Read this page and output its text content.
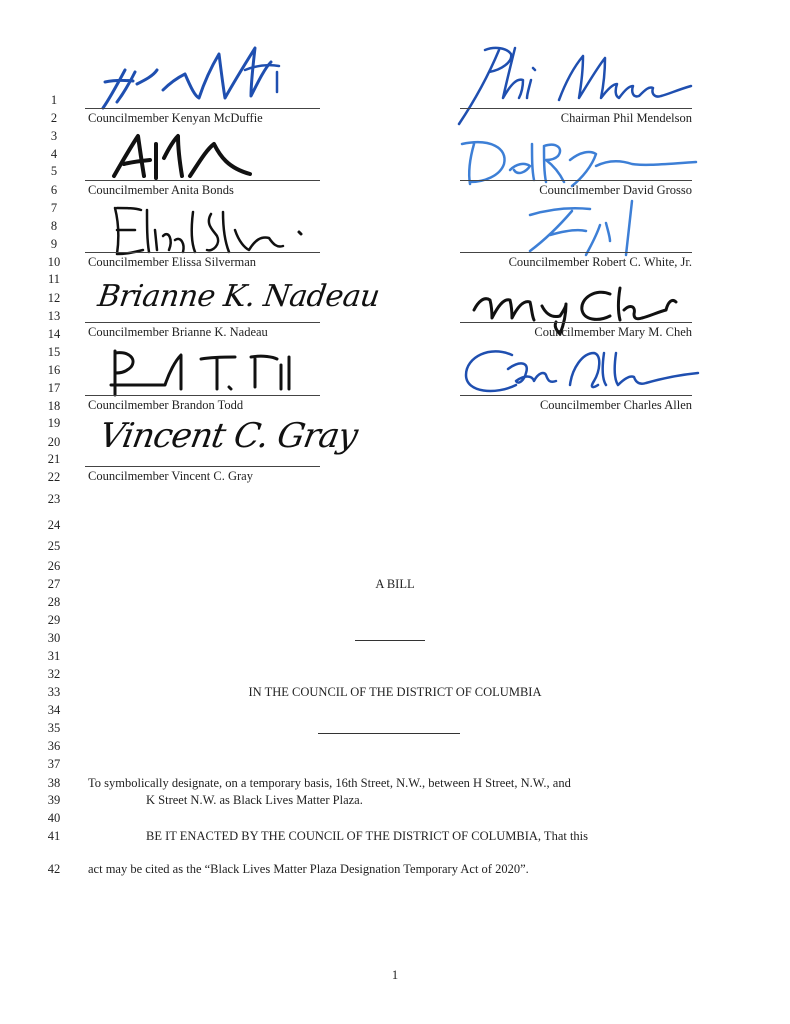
1
2
3
4
5
6
7
8
9
10
11
12
13
14
15
16
17
18
19
20
21
22
23
24
25
26
27
28
29
30
31
32
33
34
35
36
37
38
39
40
41
42
Councilmember Kenyan McDuffie
Councilmember Anita Bonds
Councilmember Elissa Silverman
Brianne K. Nadeau
Councilmember Brianne K. Nadeau
Councilmember Brandon Todd
Vincent C. Gray
Councilmember Vincent C. Gray
Chairman Phil Mendelson
Councilmember David Grosso
Councilmember Robert C. White, Jr.
Councilmember Mary M. Cheh
Councilmember Charles Allen
A BILL
IN THE COUNCIL OF THE DISTRICT OF COLUMBIA
To symbolically designate, on a temporary basis, 16th Street, N.W., between H Street, N.W., and
K Street N.W. as Black Lives Matter Plaza.
BE IT ENACTED BY THE COUNCIL OF THE DISTRICT OF COLUMBIA, That this
act may be cited as the “Black Lives Matter Plaza Designation Temporary Act of 2020”.
1
